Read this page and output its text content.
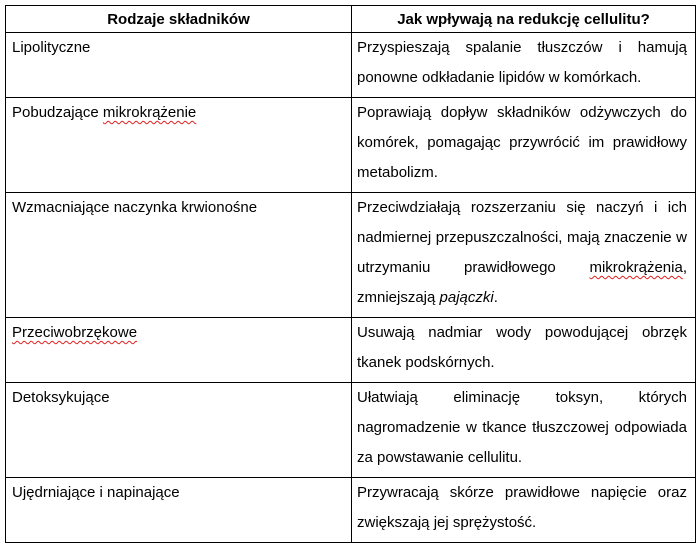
Rodzaje składników	Jak wpływają na redukcję cellulitu?
Lipolityczne	Przyspieszają spalanie tłuszczów i hamują ponowne odkładanie lipidów w komórkach.
Pobudzające mikrokrążenie	Poprawiają dopływ składników odżywczych do komórek, pomagając przywrócić im prawidłowy metabolizm.
Wzmacniające naczynka krwionośne	Przeciwdziałają rozszerzaniu się naczyń i ich nadmiernej przepuszczalności, mają znaczenie w utrzymaniu prawidłowego mikrokrążenia, zmniejszają pajączki.
Przeciwobrzękowe	Usuwają nadmiar wody powodującej obrzęk tkanek podskórnych.
Detoksykujące	Ułatwiają eliminację toksyn, których nagromadzenie w tkance tłuszczowej odpowiada za powstawanie cellulitu.
Ujędrniające i napinające	Przywracają skórze prawidłowe napięcie oraz zwiększają jej sprężystość.
